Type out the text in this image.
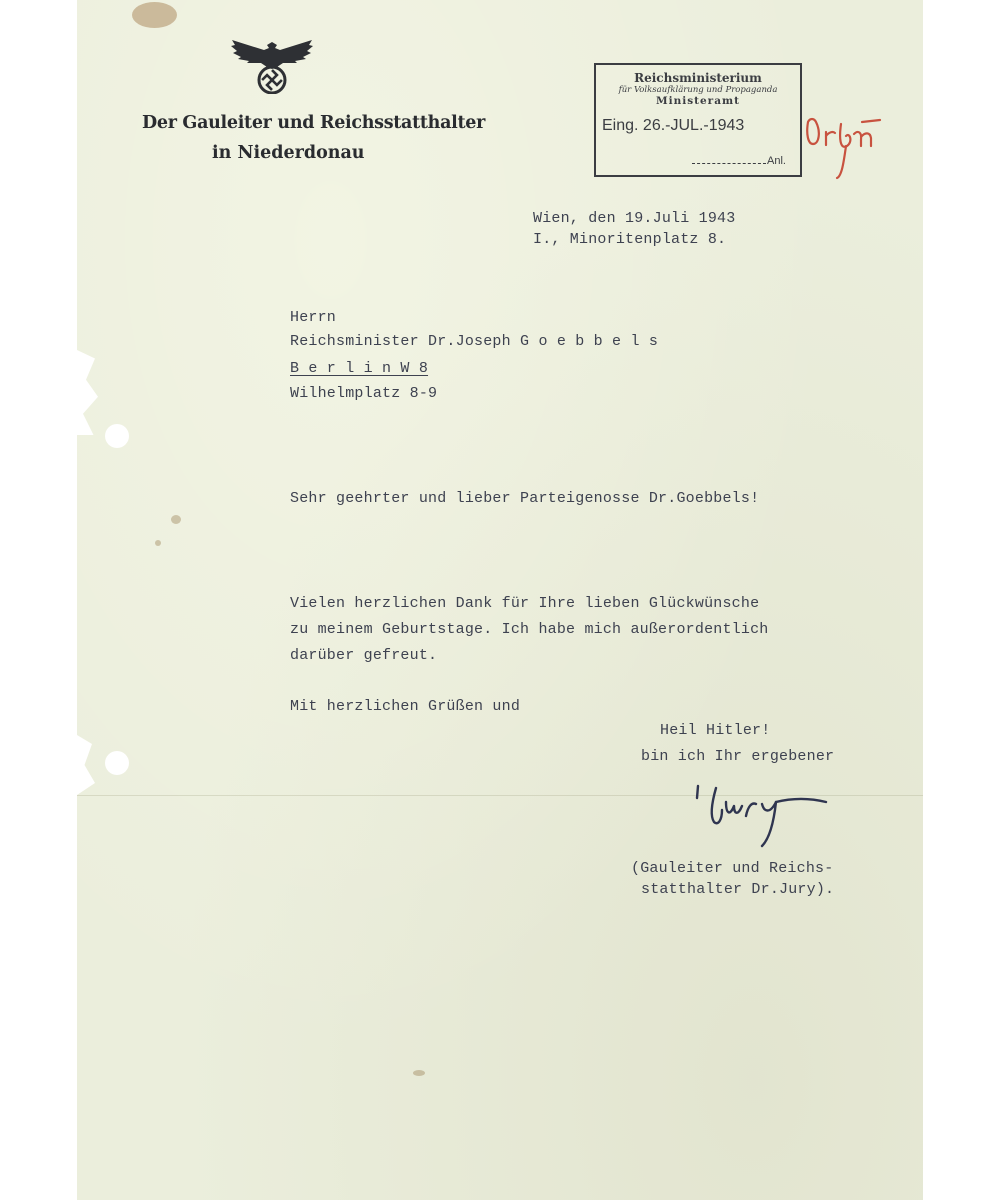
Der Gauleiter und Reichsstatthalter
in Niederdonau
Reichsministerium
für Volksaufklärung und Propaganda
Ministeramt
Eing. 26.-JUL.-1943
Anl.
Wien, den 19.Juli 1943
I., Minoritenplatz 8.
Herrn
Reichsminister Dr.Joseph G o e b b e l s
B e r l i n W 8
Wilhelmplatz 8-9
Sehr geehrter und lieber Parteigenosse Dr.Goebbels!
Vielen herzlichen Dank für Ihre lieben Glückwünsche
zu meinem Geburtstage. Ich habe mich außerordentlich
darüber gefreut.
Mit herzlichen Grüßen und
Heil Hitler!
bin ich Ihr ergebener
(Gauleiter und Reichs-
statthalter Dr.Jury).
